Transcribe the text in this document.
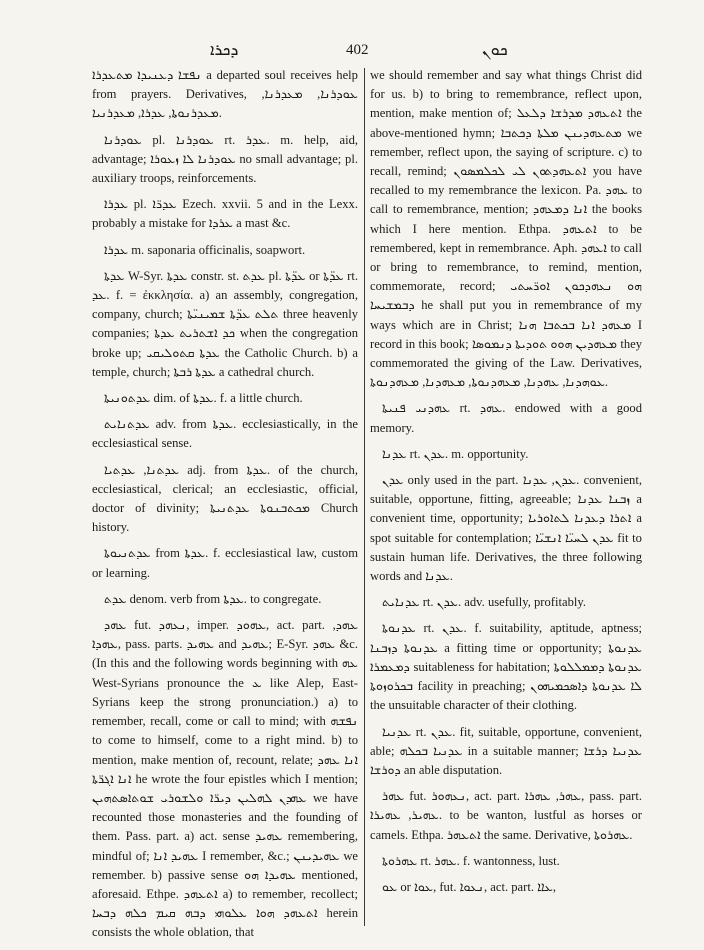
ܕܟܪܐ	402	ܟܘܢ

ܢܦܫܐ ܕܥܢܝܕܐ ܡܬܥܕܪܐ a departed soul receives help from prayers. Derivatives, ܥܘܕܪܢܐ, ܡܥܕܪܢܐ, ܡܥܕܪܢܘܬܐ, ܥܕܪܐ, ܡܥܕܪܢܝܐ.

ܥܘܕܪܢܐ pl. ܥܘܕܪܢܐ rt. ܥܕܪ. m. help, aid, advantage; ܥܘܕܪܢܐ ܠܐ ܙܥܘܪܐ no small advantage; pl. auxiliary troops, reinforcements.

ܥܕܪܐ pl. ܥܕܪ̈ܐ Ezech. xxvii. 5 and in the Lexx. probably a mistake for ܥܪܕܐ a mast &c.

ܥܕܪܐ m. saponaria officinalis, soapwort.

ܥܕܬܐ W-Syr. ܥܕܬܐ constr. st. ܥܕܬ pl. ܥܕ̈ܬܐ or ܥܕ̈ܬܐ rt. ܥܕ. f. = ἐκκλησία. a) an assembly, congregation, company, church; ܬܠܬ ܥܕ̈ܬܐ ܫܡܝܢܝ̈ܬܐ three heavenly companies; ܟܕ ܐܫܬܪܝܬ ܥܕܬܐ when the congregation broke up; ܥܕܬܐ ܩܬܘܠܝܩܝ the Catholic Church. b) a temple, church; ܥܕܬܐ ܪܒܬܐ a cathedral church.

ܥܕܬܘܢܝܬܐ dim. of ܥܕܬܐ. f. a little church.

ܥܕܬܢܐܝܬ adv. from ܥܕܬܐ. ecclesiastically, in the ecclesiastical sense.

ܥܕܬܢܐ, ܥܕܬܝܐ adj. from ܥܕܬܐ. of the church, ecclesiastical, clerical; an ecclesiastic, official, doctor of divinity; ܡܟܬܒܢܘܬܐ ܥܕܬܢܝܬܐ Church history.

ܥܕܬܢܝܘܬܐ from ܥܕܬܐ. f. ecclesiastical law, custom or learning.

ܥܕܬ denom. verb from ܥܕܬܐ. to congregate.

ܥܗܕ fut. ܢܥܗܕ, imper. ܥܗܘܕ, act. part. ܥܗܕ, ܥܗܕܐ, pass. parts. ܥܗܝܕ and ܥܗܝܕ; E-Syr. ܥܗܕ &c. (In this and the following words beginning with ܥܗ West-Syrians pronounce the ܥ like Alep, East-Syrians keep the strong pronunciation.) a) to remember, recall, come or call to mind; with ܢܦܫܗ to come to himself, come to a right mind. b) to mention, make mention of, recount, relate; ܐܢܐ ܥܗܕ ܐܢܐ ܐܓܪ̈ܬܐ he wrote the four epistles which I mention; ܥܗܕܢ ܠܗܠܝܢ ܕܝܪ̈ܐ ܘܠܫܘܪܝ ܫܘܬܐܣܬܗܝܢ we have recounted those monasteries and the founding of them. Pass. part. a) act. sense ܥܗܝܕ remembering, mindful of; ܥܗܝܕ ܐܢܐ I remember, &c.; ܥܗܝܕܝܢܢ we remember. b) passive sense ܥܗܝܕܐ ܗܘ mentioned, aforesaid. Ethpe. ܐܬܥܗܕ a) to remember, recollect; ܐܬܥܗܕ ܗܘܐ ܥܠܘܗܝ ܕܒܗ ܩܝܡ ܟܠܗ ܕܒܚܐ herein consists the whole oblation, that

we should remember and say what things Christ did for us. b) to bring to remembrance, reflect upon, mention, make mention of; ܐܬܥܗܕ ܡܕܪܫܐ ܕܠܥܠ the above-mentioned hymn; ܡܬܥܗܕܝܢܢ ܡܠܬܐ ܕܟܬܒܐ we remember, reflect upon, the saying of scripture. c) to recall, remind; ܐܬܥܗܕܬܘܢ ܠܝ ܠܟܠܡܣܘܢ you have recalled to my remembrance the lexicon. Pa. ܥܗܕ to call to remembrance, mention; ܐܢܐ ܕܡܥܗܕ the books which I here mention. Ethpa. ܐܬܥܗܕ to be remembered, kept in remembrance. Aph. ܐܥܗܕ to call or bring to remembrance, to remind, mention, commemorate, record; ܗܘ ܢܥܗܕܟܘܢ ܐܘܪ̈ܚܬܝ ܕܒܡܫܝܚܐ he shall put you in remembrance of my ways which are in Christ; ܡܥܗܕ ܐܢܐ ܒܟܬܒܐ ܗܢܐ I record in this book; ܡܥܗܕܝܢ ܗܘܘ ܬܘܕܝܬܐ ܕܢܡܘܣܐ they commemorated the giving of the Law. Derivatives, ܥܘܗܕܢܐ, ܥܗܕܢܐ, ܡܥܗܕܢܘܬܐ, ܡܥܗܕܢܐ, ܡܥܗܕܢܘܬܐ.

ܥܗܕܢܝ ܦܢܝܬܐ rt. ܥܗܕ. endowed with a good memory.

ܥܕܢܐ rt. ܥܕܢ. m. opportunity.

ܥܕܢ only used in the part. ܥܕܢ, ܥܕܢܐ. convenient, suitable, opportune, fitting, agreeable; ܙܒܢܐ ܥܕܢܐ a convenient time, opportunity; ܐܬܪܐ ܕܥܕܢܐ ܠܬܐܘܪܝܐ a spot suitable for contemplation; ܥܕܢ ܠܚܝ̈ܐ ܐܢܫܝ̈ܐ fit to sustain human life. Derivatives, the three following words and ܥܕܢܐ.

ܥܕܢܐܝܬ rt. ܥܕܢ. adv. usefully, profitably.

ܥܕܢܘܬܐ rt. ܥܕܢ. f. suitability, aptitude, aptness; ܥܕܢܘܬܐ ܕܙܒܢܐ a fitting time or opportunity; ܥܕܢܘܬܐ ܕܡܥܡܪܐ suitableness for habitation; ܥܕܢܘܬܐ ܕܡܡܠܠܘܬܐ ܒܟܪܘܙܘܬܐ facility in preaching; ܠܐ ܥܕܢܘܬܐ ܕܐܣܟܡܝܗܘܢ the unsuitable character of their clothing.

ܥܕܢܝܐ rt. ܥܕܢ. fit, suitable, opportune, convenient, able; ܥܕܢܝܐ ܒܟܠܗ in a suitable manner; ܥܕܢܝܐ ܕܪܫܐ ܕܘܪܫܐ an able disputation.

ܥܗܪ fut. ܢܥܗܘܪ, act. part. ܥܗܪ, ܥܗܪܐ, pass. part. ܥܗܝܪ, ܥܗܝܪܐ. to be wanton, lustful as horses or camels. Ethpa. ܐܬܥܗܪ the same. Derivative, ܥܗܪܘܬܐ.

ܥܗܪܘܬܐ rt. ܥܗܪ. f. wantonness, lust.

ܥܘ or ܥܘܐ, fut. ܢܥܘܐ, act. part. ܥܐܐ,
